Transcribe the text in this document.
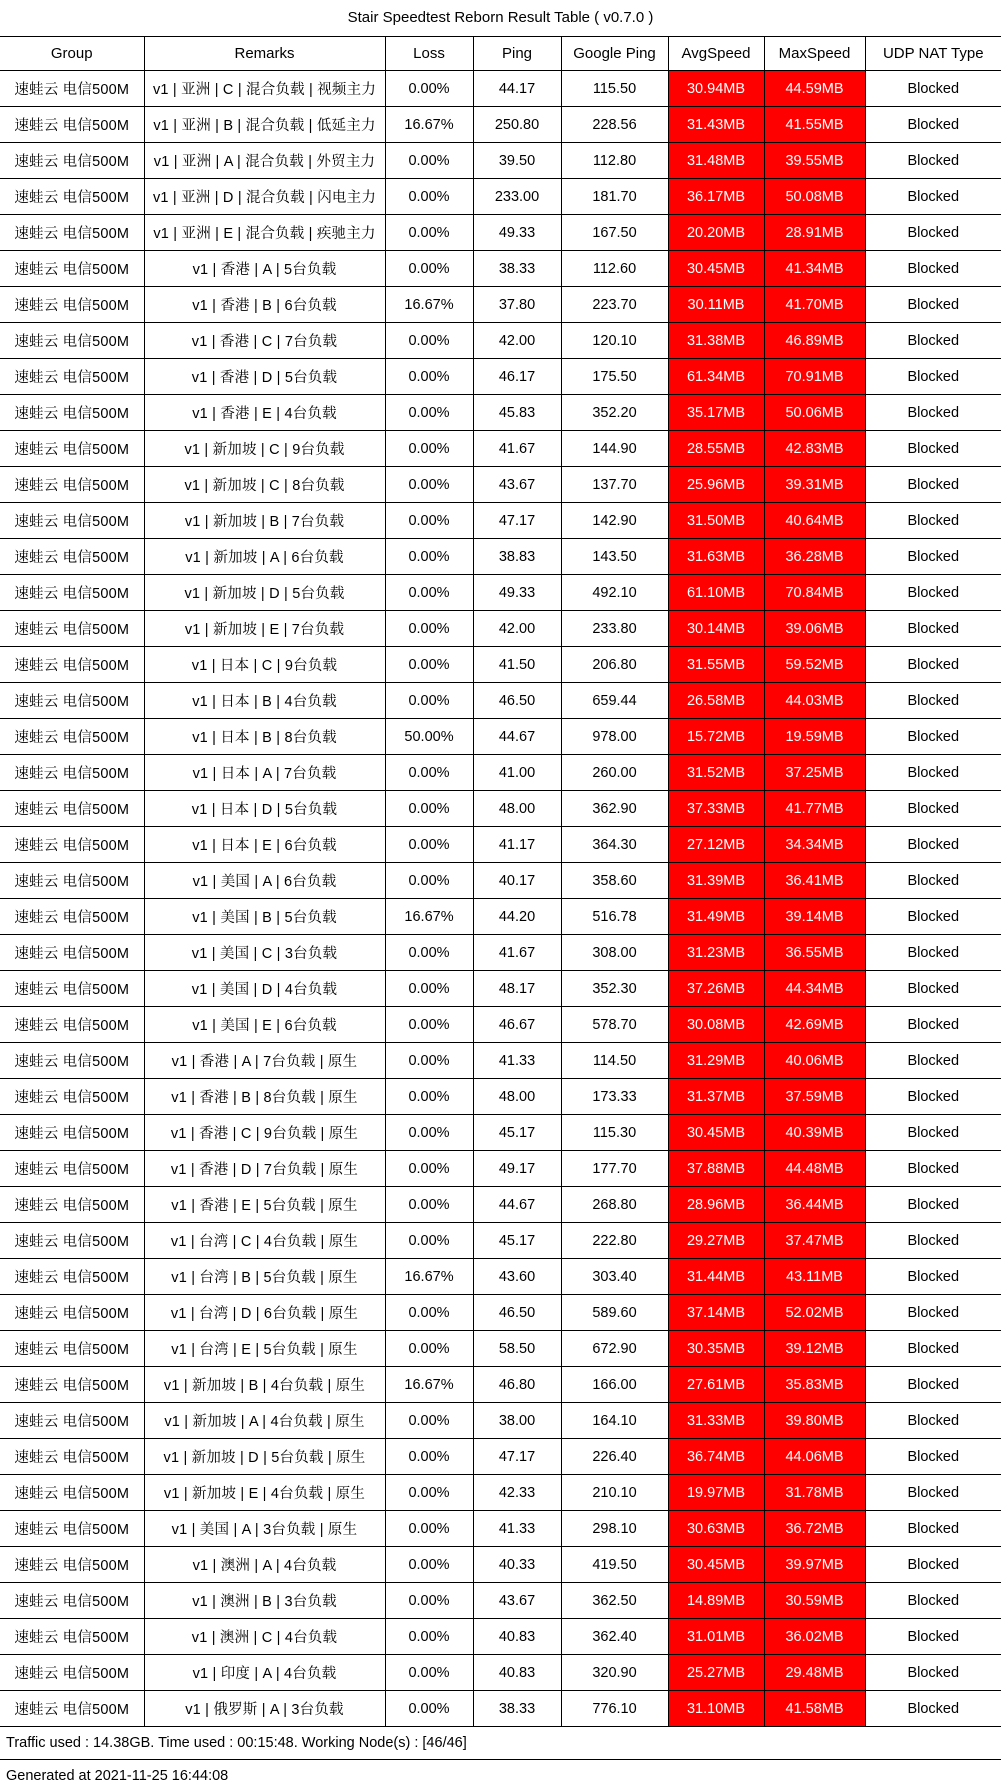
Stair Speedtest Reborn Result Table ( v0.7.0 )
Group	Remarks	Loss	Ping	Google Ping	AvgSpeed	MaxSpeed	UDP NAT Type
速蛙云 电信500M	v1 | 亚洲 | C | 混合负载 | 视频主力	0.00%	44.17	115.50	30.94MB	44.59MB	Blocked
速蛙云 电信500M	v1 | 亚洲 | B | 混合负载 | 低延主力	16.67%	250.80	228.56	31.43MB	41.55MB	Blocked
速蛙云 电信500M	v1 | 亚洲 | A | 混合负载 | 外贸主力	0.00%	39.50	112.80	31.48MB	39.55MB	Blocked
速蛙云 电信500M	v1 | 亚洲 | D | 混合负载 | 闪电主力	0.00%	233.00	181.70	36.17MB	50.08MB	Blocked
速蛙云 电信500M	v1 | 亚洲 | E | 混合负载 | 疾驰主力	0.00%	49.33	167.50	20.20MB	28.91MB	Blocked
速蛙云 电信500M	v1 | 香港 | A | 5台负载	0.00%	38.33	112.60	30.45MB	41.34MB	Blocked
速蛙云 电信500M	v1 | 香港 | B | 6台负载	16.67%	37.80	223.70	30.11MB	41.70MB	Blocked
速蛙云 电信500M	v1 | 香港 | C | 7台负载	0.00%	42.00	120.10	31.38MB	46.89MB	Blocked
速蛙云 电信500M	v1 | 香港 | D | 5台负载	0.00%	46.17	175.50	61.34MB	70.91MB	Blocked
速蛙云 电信500M	v1 | 香港 | E | 4台负载	0.00%	45.83	352.20	35.17MB	50.06MB	Blocked
速蛙云 电信500M	v1 | 新加坡 | C | 9台负载	0.00%	41.67	144.90	28.55MB	42.83MB	Blocked
速蛙云 电信500M	v1 | 新加坡 | C | 8台负载	0.00%	43.67	137.70	25.96MB	39.31MB	Blocked
速蛙云 电信500M	v1 | 新加坡 | B | 7台负载	0.00%	47.17	142.90	31.50MB	40.64MB	Blocked
速蛙云 电信500M	v1 | 新加坡 | A | 6台负载	0.00%	38.83	143.50	31.63MB	36.28MB	Blocked
速蛙云 电信500M	v1 | 新加坡 | D | 5台负载	0.00%	49.33	492.10	61.10MB	70.84MB	Blocked
速蛙云 电信500M	v1 | 新加坡 | E | 7台负载	0.00%	42.00	233.80	30.14MB	39.06MB	Blocked
速蛙云 电信500M	v1 | 日本 | C | 9台负载	0.00%	41.50	206.80	31.55MB	59.52MB	Blocked
速蛙云 电信500M	v1 | 日本 | B | 4台负载	0.00%	46.50	659.44	26.58MB	44.03MB	Blocked
速蛙云 电信500M	v1 | 日本 | B | 8台负载	50.00%	44.67	978.00	15.72MB	19.59MB	Blocked
速蛙云 电信500M	v1 | 日本 | A | 7台负载	0.00%	41.00	260.00	31.52MB	37.25MB	Blocked
速蛙云 电信500M	v1 | 日本 | D | 5台负载	0.00%	48.00	362.90	37.33MB	41.77MB	Blocked
速蛙云 电信500M	v1 | 日本 | E | 6台负载	0.00%	41.17	364.30	27.12MB	34.34MB	Blocked
速蛙云 电信500M	v1 | 美国 | A | 6台负载	0.00%	40.17	358.60	31.39MB	36.41MB	Blocked
速蛙云 电信500M	v1 | 美国 | B | 5台负载	16.67%	44.20	516.78	31.49MB	39.14MB	Blocked
速蛙云 电信500M	v1 | 美国 | C | 3台负载	0.00%	41.67	308.00	31.23MB	36.55MB	Blocked
速蛙云 电信500M	v1 | 美国 | D | 4台负载	0.00%	48.17	352.30	37.26MB	44.34MB	Blocked
速蛙云 电信500M	v1 | 美国 | E | 6台负载	0.00%	46.67	578.70	30.08MB	42.69MB	Blocked
速蛙云 电信500M	v1 | 香港 | A | 7台负载 | 原生	0.00%	41.33	114.50	31.29MB	40.06MB	Blocked
速蛙云 电信500M	v1 | 香港 | B | 8台负载 | 原生	0.00%	48.00	173.33	31.37MB	37.59MB	Blocked
速蛙云 电信500M	v1 | 香港 | C | 9台负载 | 原生	0.00%	45.17	115.30	30.45MB	40.39MB	Blocked
速蛙云 电信500M	v1 | 香港 | D | 7台负载 | 原生	0.00%	49.17	177.70	37.88MB	44.48MB	Blocked
速蛙云 电信500M	v1 | 香港 | E | 5台负载 | 原生	0.00%	44.67	268.80	28.96MB	36.44MB	Blocked
速蛙云 电信500M	v1 | 台湾 | C | 4台负载 | 原生	0.00%	45.17	222.80	29.27MB	37.47MB	Blocked
速蛙云 电信500M	v1 | 台湾 | B | 5台负载 | 原生	16.67%	43.60	303.40	31.44MB	43.11MB	Blocked
速蛙云 电信500M	v1 | 台湾 | D | 6台负载 | 原生	0.00%	46.50	589.60	37.14MB	52.02MB	Blocked
速蛙云 电信500M	v1 | 台湾 | E | 5台负载 | 原生	0.00%	58.50	672.90	30.35MB	39.12MB	Blocked
速蛙云 电信500M	v1 | 新加坡 | B | 4台负载 | 原生	16.67%	46.80	166.00	27.61MB	35.83MB	Blocked
速蛙云 电信500M	v1 | 新加坡 | A | 4台负载 | 原生	0.00%	38.00	164.10	31.33MB	39.80MB	Blocked
速蛙云 电信500M	v1 | 新加坡 | D | 5台负载 | 原生	0.00%	47.17	226.40	36.74MB	44.06MB	Blocked
速蛙云 电信500M	v1 | 新加坡 | E | 4台负载 | 原生	0.00%	42.33	210.10	19.97MB	31.78MB	Blocked
速蛙云 电信500M	v1 | 美国 | A | 3台负载 | 原生	0.00%	41.33	298.10	30.63MB	36.72MB	Blocked
速蛙云 电信500M	v1 | 澳洲 | A | 4台负载	0.00%	40.33	419.50	30.45MB	39.97MB	Blocked
速蛙云 电信500M	v1 | 澳洲 | B | 3台负载	0.00%	43.67	362.50	14.89MB	30.59MB	Blocked
速蛙云 电信500M	v1 | 澳洲 | C | 4台负载	0.00%	40.83	362.40	31.01MB	36.02MB	Blocked
速蛙云 电信500M	v1 | 印度 | A | 4台负载	0.00%	40.83	320.90	25.27MB	29.48MB	Blocked
速蛙云 电信500M	v1 | 俄罗斯 | A | 3台负载	0.00%	38.33	776.10	31.10MB	41.58MB	Blocked
Traffic used : 14.38GB. Time used : 00:15:48. Working Node(s) : [46/46]
Generated at 2021-11-25 16:44:08
